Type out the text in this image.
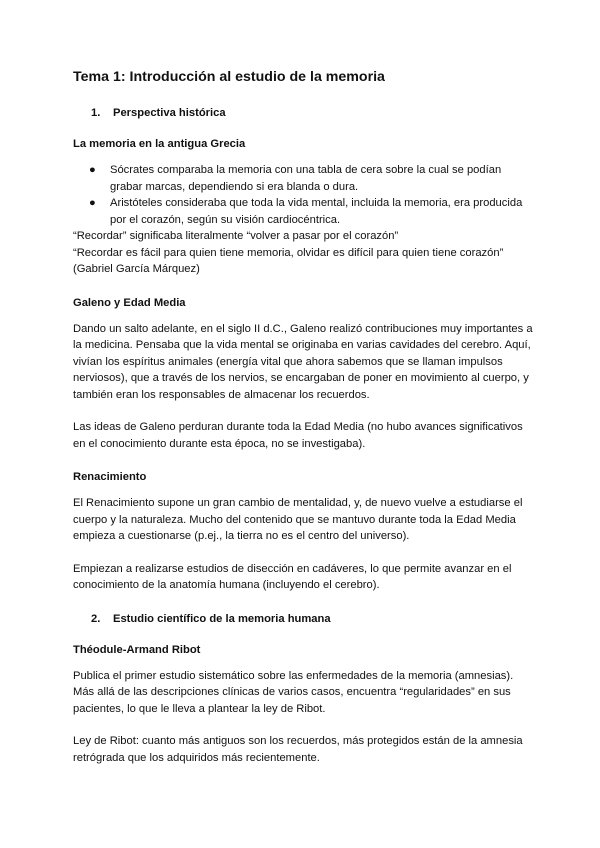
Tema 1: Introducción al estudio de la memoria
1.	Perspectiva histórica
La memoria en la antigua Grecia
● Sócrates comparaba la memoria con una tabla de cera sobre la cual se podían grabar marcas, dependiendo si era blanda o dura.
● Aristóteles consideraba que toda la vida mental, incluida la memoria, era producida por el corazón, según su visión cardiocéntrica.
“Recordar” significaba literalmente “volver a pasar por el corazón”
“Recordar es fácil para quien tiene memoria, olvidar es difícil para quien tiene corazón” (Gabriel García Márquez)
Galeno y Edad Media

Dando un salto adelante, en el siglo II d.C., Galeno realizó contribuciones muy importantes a la medicina. Pensaba que la vida mental se originaba en varias cavidades del cerebro. Aquí, vivían los espíritus animales (energía vital que ahora sabemos que se llaman impulsos nerviosos), que a través de los nervios, se encargaban de poner en movimiento al cuerpo, y también eran los responsables de almacenar los recuerdos.

Las ideas de Galeno perduran durante toda la Edad Media (no hubo avances significativos en el conocimiento durante esta época, no se investigaba).

Renacimiento

El Renacimiento supone un gran cambio de mentalidad, y, de nuevo vuelve a estudiarse el cuerpo y la naturaleza. Mucho del contenido que se mantuvo durante toda la Edad Media empieza a cuestionarse (p.ej., la tierra no es el centro del universo).

Empiezan a realizarse estudios de disección en cadáveres, lo que permite avanzar en el conocimiento de la anatomía humana (incluyendo el cerebro).

2.	Estudio científico de la memoria humana
Théodule-Armand Ribot

Publica el primer estudio sistemático sobre las enfermedades de la memoria (amnesias). Más allá de las descripciones clínicas de varios casos, encuentra “regularidades” en sus pacientes, lo que le lleva a plantear la ley de Ribot.

Ley de Ribot: cuanto más antiguos son los recuerdos, más protegidos están de la amnesia retrógrada que los adquiridos más recientemente.
